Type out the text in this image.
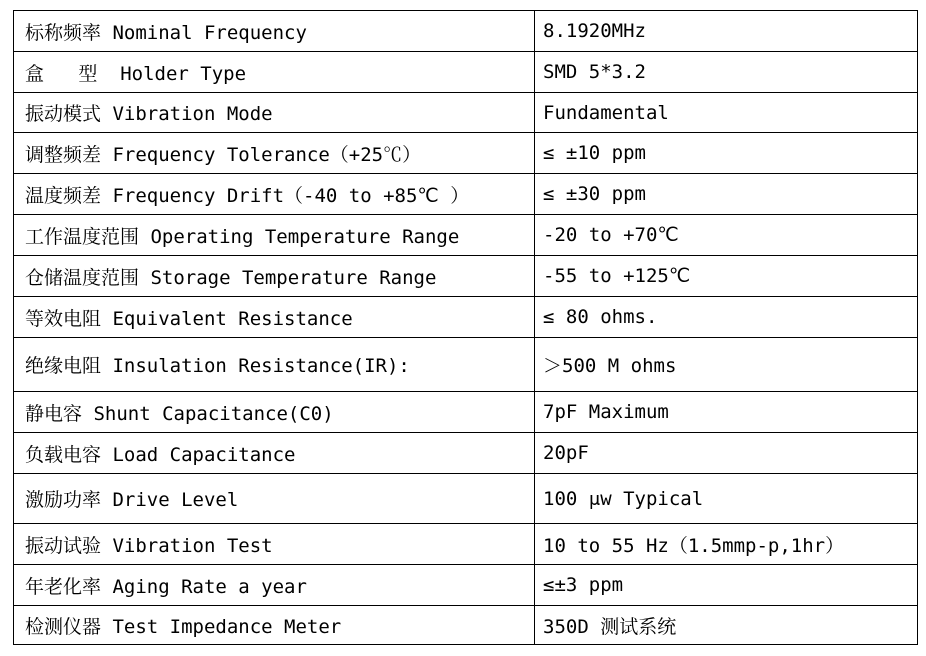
标称频率 Nominal Frequency	8.1920MHz
盒   型  Holder Type	SMD 5*3.2
振动模式 Vibration Mode	Fundamental
调整频差 Frequency Tolerance（+25℃）	≤ ±10 ppm
温度频差 Frequency Drift（-40 to +85℃ ）	≤ ±30 ppm
工作温度范围 Operating Temperature Range	-20 to +70℃
仓储温度范围 Storage Temperature Range	-55 to +125℃
等效电阻 Equivalent Resistance	≤ 80 ohms.
绝缘电阻 Insulation Resistance(IR):	＞500 M ohms
静电容 Shunt Capacitance(C0)	7pF Maximum
负载电容 Load Capacitance	20pF
激励功率 Drive Level	100 μw Typical
振动试验 Vibration Test	10 to 55 Hz（1.5mmp-p,1hr）
年老化率 Aging Rate a year	≤±3 ppm
检测仪器 Test Impedance Meter	350D 测试系统
